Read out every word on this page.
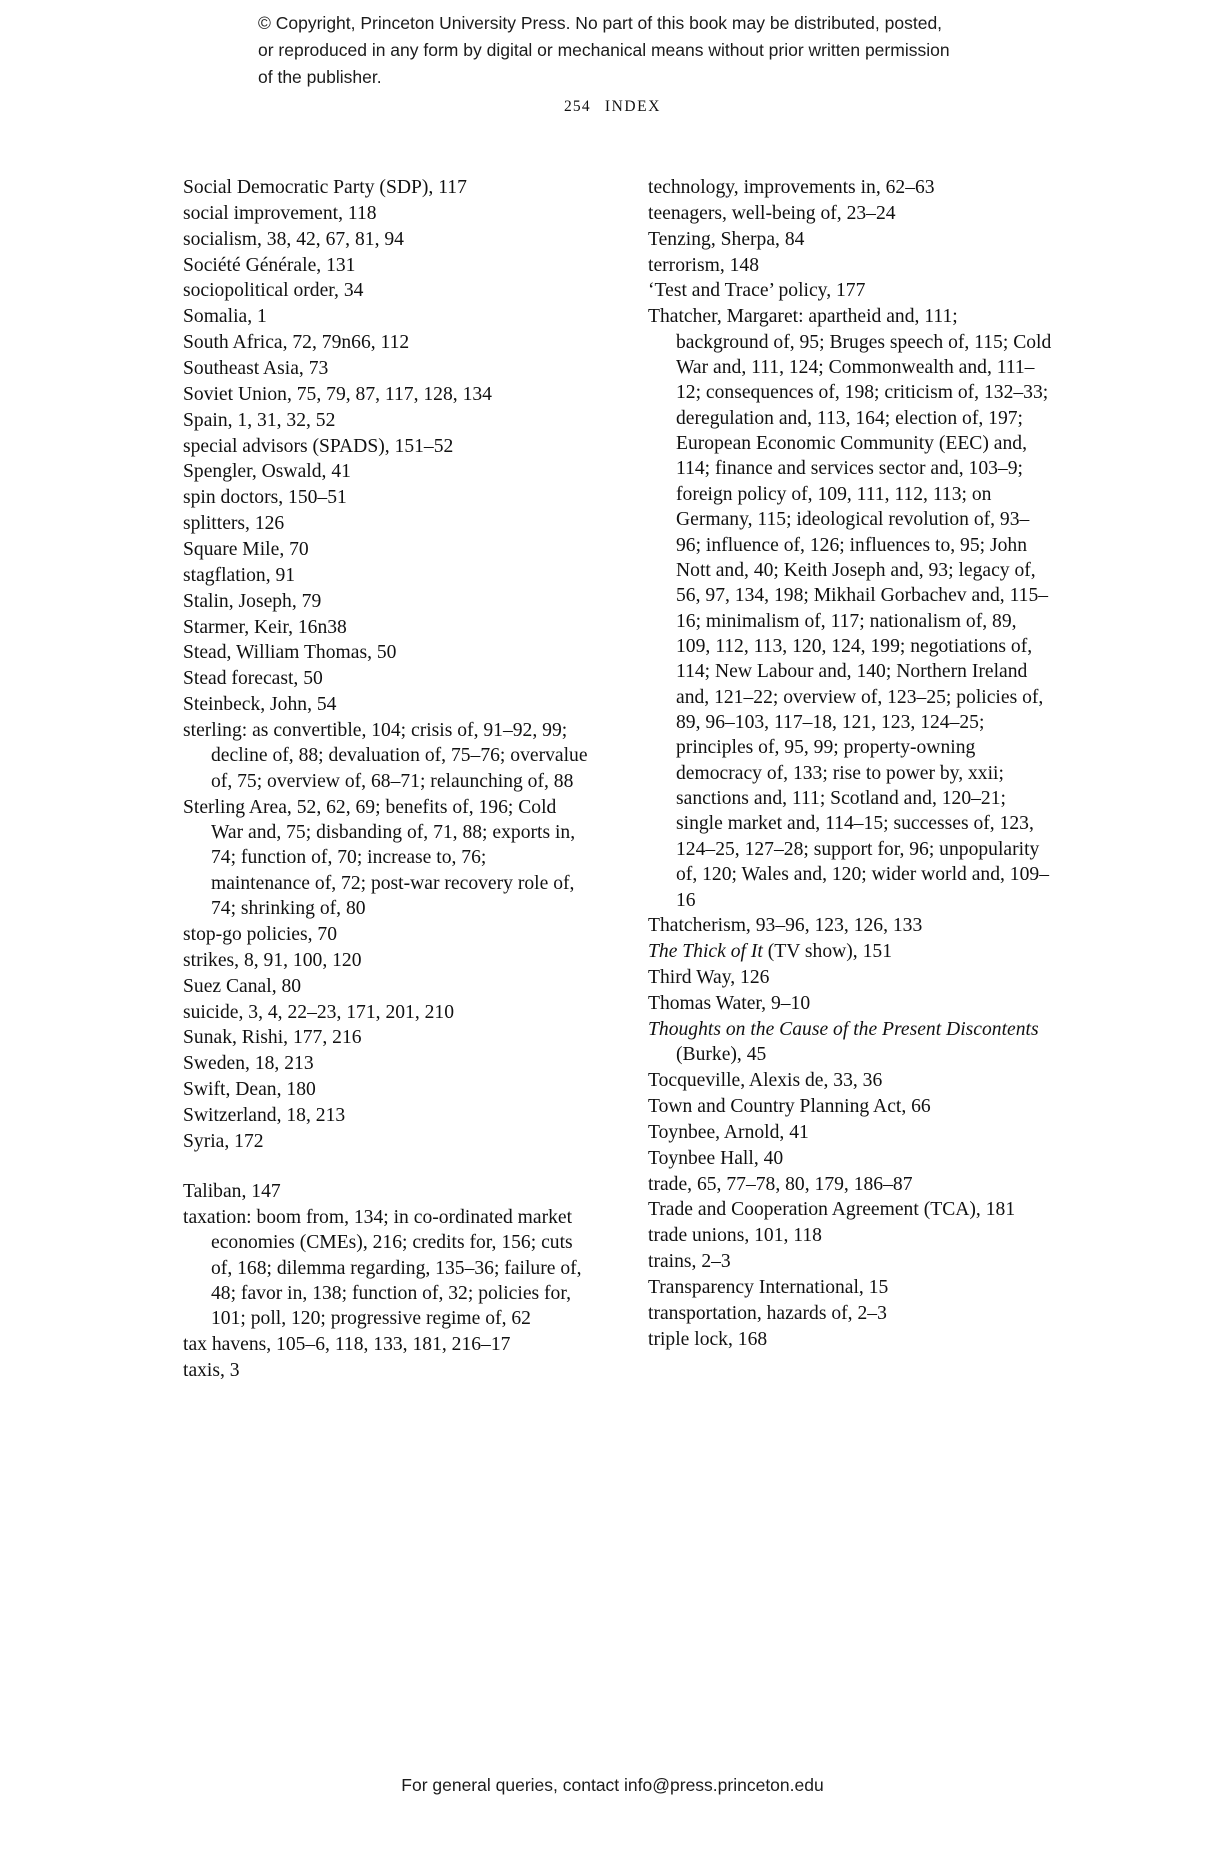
© Copyright, Princeton University Press. No part of this book may be distributed, posted, or reproduced in any form by digital or mechanical means without prior written permission of the publisher.
254 INDEX

Social Democratic Party (SDP), 117

social improvement, 118

socialism, 38, 42, 67, 81, 94

Société Générale, 131

sociopolitical order, 34

Somalia, 1

South Africa, 72, 79n66, 112

Southeast Asia, 73

Soviet Union, 75, 79, 87, 117, 128, 134

Spain, 1, 31, 32, 52

special advisors (SPADS), 151–52

Spengler, Oswald, 41

spin doctors, 150–51

splitters, 126

Square Mile, 70

stagflation, 91

Stalin, Joseph, 79

Starmer, Keir, 16n38

Stead, William Thomas, 50

Stead forecast, 50

Steinbeck, John, 54

sterling: as convertible, 104; crisis of, 91–92, 99; decline of, 88; devaluation of, 75–76; overvalue of, 75; overview of, 68–71; relaunching of, 88

Sterling Area, 52, 62, 69; benefits of, 196; Cold War and, 75; disbanding of, 71, 88; exports in, 74; function of, 70; increase to, 76; maintenance of, 72; post-war recovery role of, 74; shrinking of, 80

stop-go policies, 70

strikes, 8, 91, 100, 120

Suez Canal, 80

suicide, 3, 4, 22–23, 171, 201, 210

Sunak, Rishi, 177, 216

Sweden, 18, 213

Swift, Dean, 180

Switzerland, 18, 213

Syria, 172

Taliban, 147

taxation: boom from, 134; in co-ordinated market economies (CMEs), 216; credits for, 156; cuts of, 168; dilemma regarding, 135–36; failure of, 48; favor in, 138; function of, 32; policies for, 101; poll, 120; progressive regime of, 62

tax havens, 105–6, 118, 133, 181, 216–17

taxis, 3

technology, improvements in, 62–63

teenagers, well-being of, 23–24

Tenzing, Sherpa, 84

terrorism, 148

‘Test and Trace’ policy, 177

Thatcher, Margaret: apartheid and, 111; background of, 95; Bruges speech of, 115; Cold War and, 111, 124; Commonwealth and, 111–12; consequences of, 198; criticism of, 132–33; deregulation and, 113, 164; election of, 197; European Economic Community (EEC) and, 114; finance and services sector and, 103–9; foreign policy of, 109, 111, 112, 113; on Germany, 115; ideological revolution of, 93–96; influence of, 126; influences to, 95; John Nott and, 40; Keith Joseph and, 93; legacy of, 56, 97, 134, 198; Mikhail Gorbachev and, 115–16; minimalism of, 117; nationalism of, 89, 109, 112, 113, 120, 124, 199; negotiations of, 114; New Labour and, 140; Northern Ireland and, 121–22; overview of, 123–25; policies of, 89, 96–103, 117–18, 121, 123, 124–25; principles of, 95, 99; property-owning democracy of, 133; rise to power by, xxii; sanctions and, 111; Scotland and, 120–21; single market and, 114–15; successes of, 123, 124–25, 127–28; support for, 96; unpopularity of, 120; Wales and, 120; wider world and, 109–16

Thatcherism, 93–96, 123, 126, 133

The Thick of It (TV show), 151

Third Way, 126

Thomas Water, 9–10

Thoughts on the Cause of the Present Discontents (Burke), 45

Tocqueville, Alexis de, 33, 36

Town and Country Planning Act, 66

Toynbee, Arnold, 41

Toynbee Hall, 40

trade, 65, 77–78, 80, 179, 186–87

Trade and Cooperation Agreement (TCA), 181

trade unions, 101, 118

trains, 2–3

Transparency International, 15

transportation, hazards of, 2–3

triple lock, 168

For general queries, contact info@press.princeton.edu
